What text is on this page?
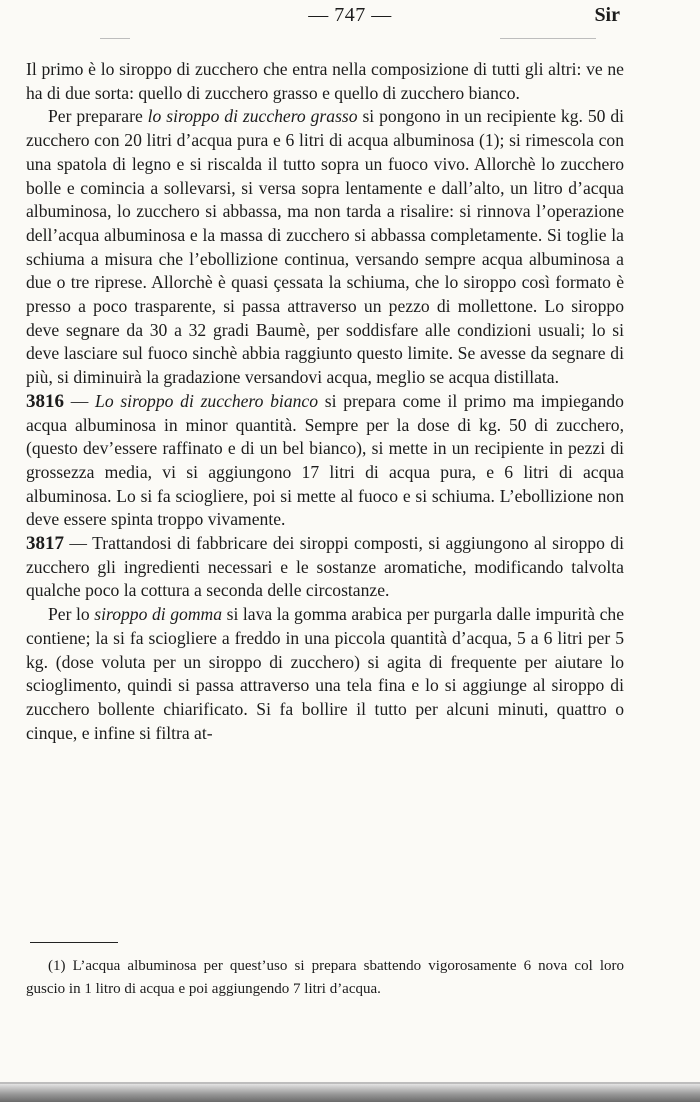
— 747 —	Sir

Il primo è lo siroppo di zucchero che entra nella composizione di tutti gli altri: ve ne ha di due sorta: quello di zucchero grasso e quello di zucchero bianco.

Per preparare lo siroppo di zucchero grasso si pongono in un recipiente kg. 50 di zucchero con 20 litri d’acqua pura e 6 litri di acqua albuminosa (1); si rimescola con una spatola di legno e si riscalda il tutto sopra un fuoco vivo. Allorchè lo zucchero bolle e comincia a sollevarsi, si versa sopra lentamente e dall’alto, un litro d’acqua albuminosa, lo zucchero si abbassa, ma non tarda a risalire: si rinnova l’operazione dell’acqua albuminosa e la massa di zucchero si abbassa completamente. Si toglie la schiuma a misura che l’ebollizione continua, versando sempre acqua albuminosa a due o tre riprese. Allorchè è quasi çessata la schiuma, che lo siroppo così formato è presso a poco trasparente, si passa attraverso un pezzo di mollettone. Lo siroppo deve segnare da 30 a 32 gradi Baumè, per soddisfare alle condizioni usuali; lo si deve lasciare sul fuoco sinchè abbia raggiunto questo limite. Se avesse da segnare di più, si diminuirà la gradazione versandovi acqua, meglio se acqua distillata.

3816 — Lo siroppo di zucchero bianco si prepara come il primo ma impiegando acqua albuminosa in minor quantità. Sempre per la dose di kg. 50 di zucchero, (questo dev’essere raffinato e di un bel bianco), si mette in un recipiente in pezzi di grossezza media, vi si aggiungono 17 litri di acqua pura, e 6 litri di acqua albuminosa. Lo si fa sciogliere, poi si mette al fuoco e si schiuma. L’ebollizione non deve essere spinta troppo vivamente.

3817 — Trattandosi di fabbricare dei siroppi composti, si aggiungono al siroppo di zucchero gli ingredienti necessari e le sostanze aromatiche, modificando talvolta qualche poco la cottura a seconda delle circostanze.

Per lo siroppo di gomma si lava la gomma arabica per purgarla dalle impurità che contiene; la si fa sciogliere a freddo in una piccola quantità d’acqua, 5 a 6 litri per 5 kg. (dose voluta per un siroppo di zucchero) si agita di frequente per aiutare lo scioglimento, quindi si passa attraverso una tela fina e lo si aggiunge al siroppo di zucchero bollente chiarificato. Si fa bollire il tutto per alcuni minuti, quattro o cinque, e infine si filtra at-

(1) L’acqua albuminosa per quest’uso si prepara sbattendo vigorosamente 6 nova col loro guscio in 1 litro di acqua e poi aggiungendo 7 litri d’acqua.
